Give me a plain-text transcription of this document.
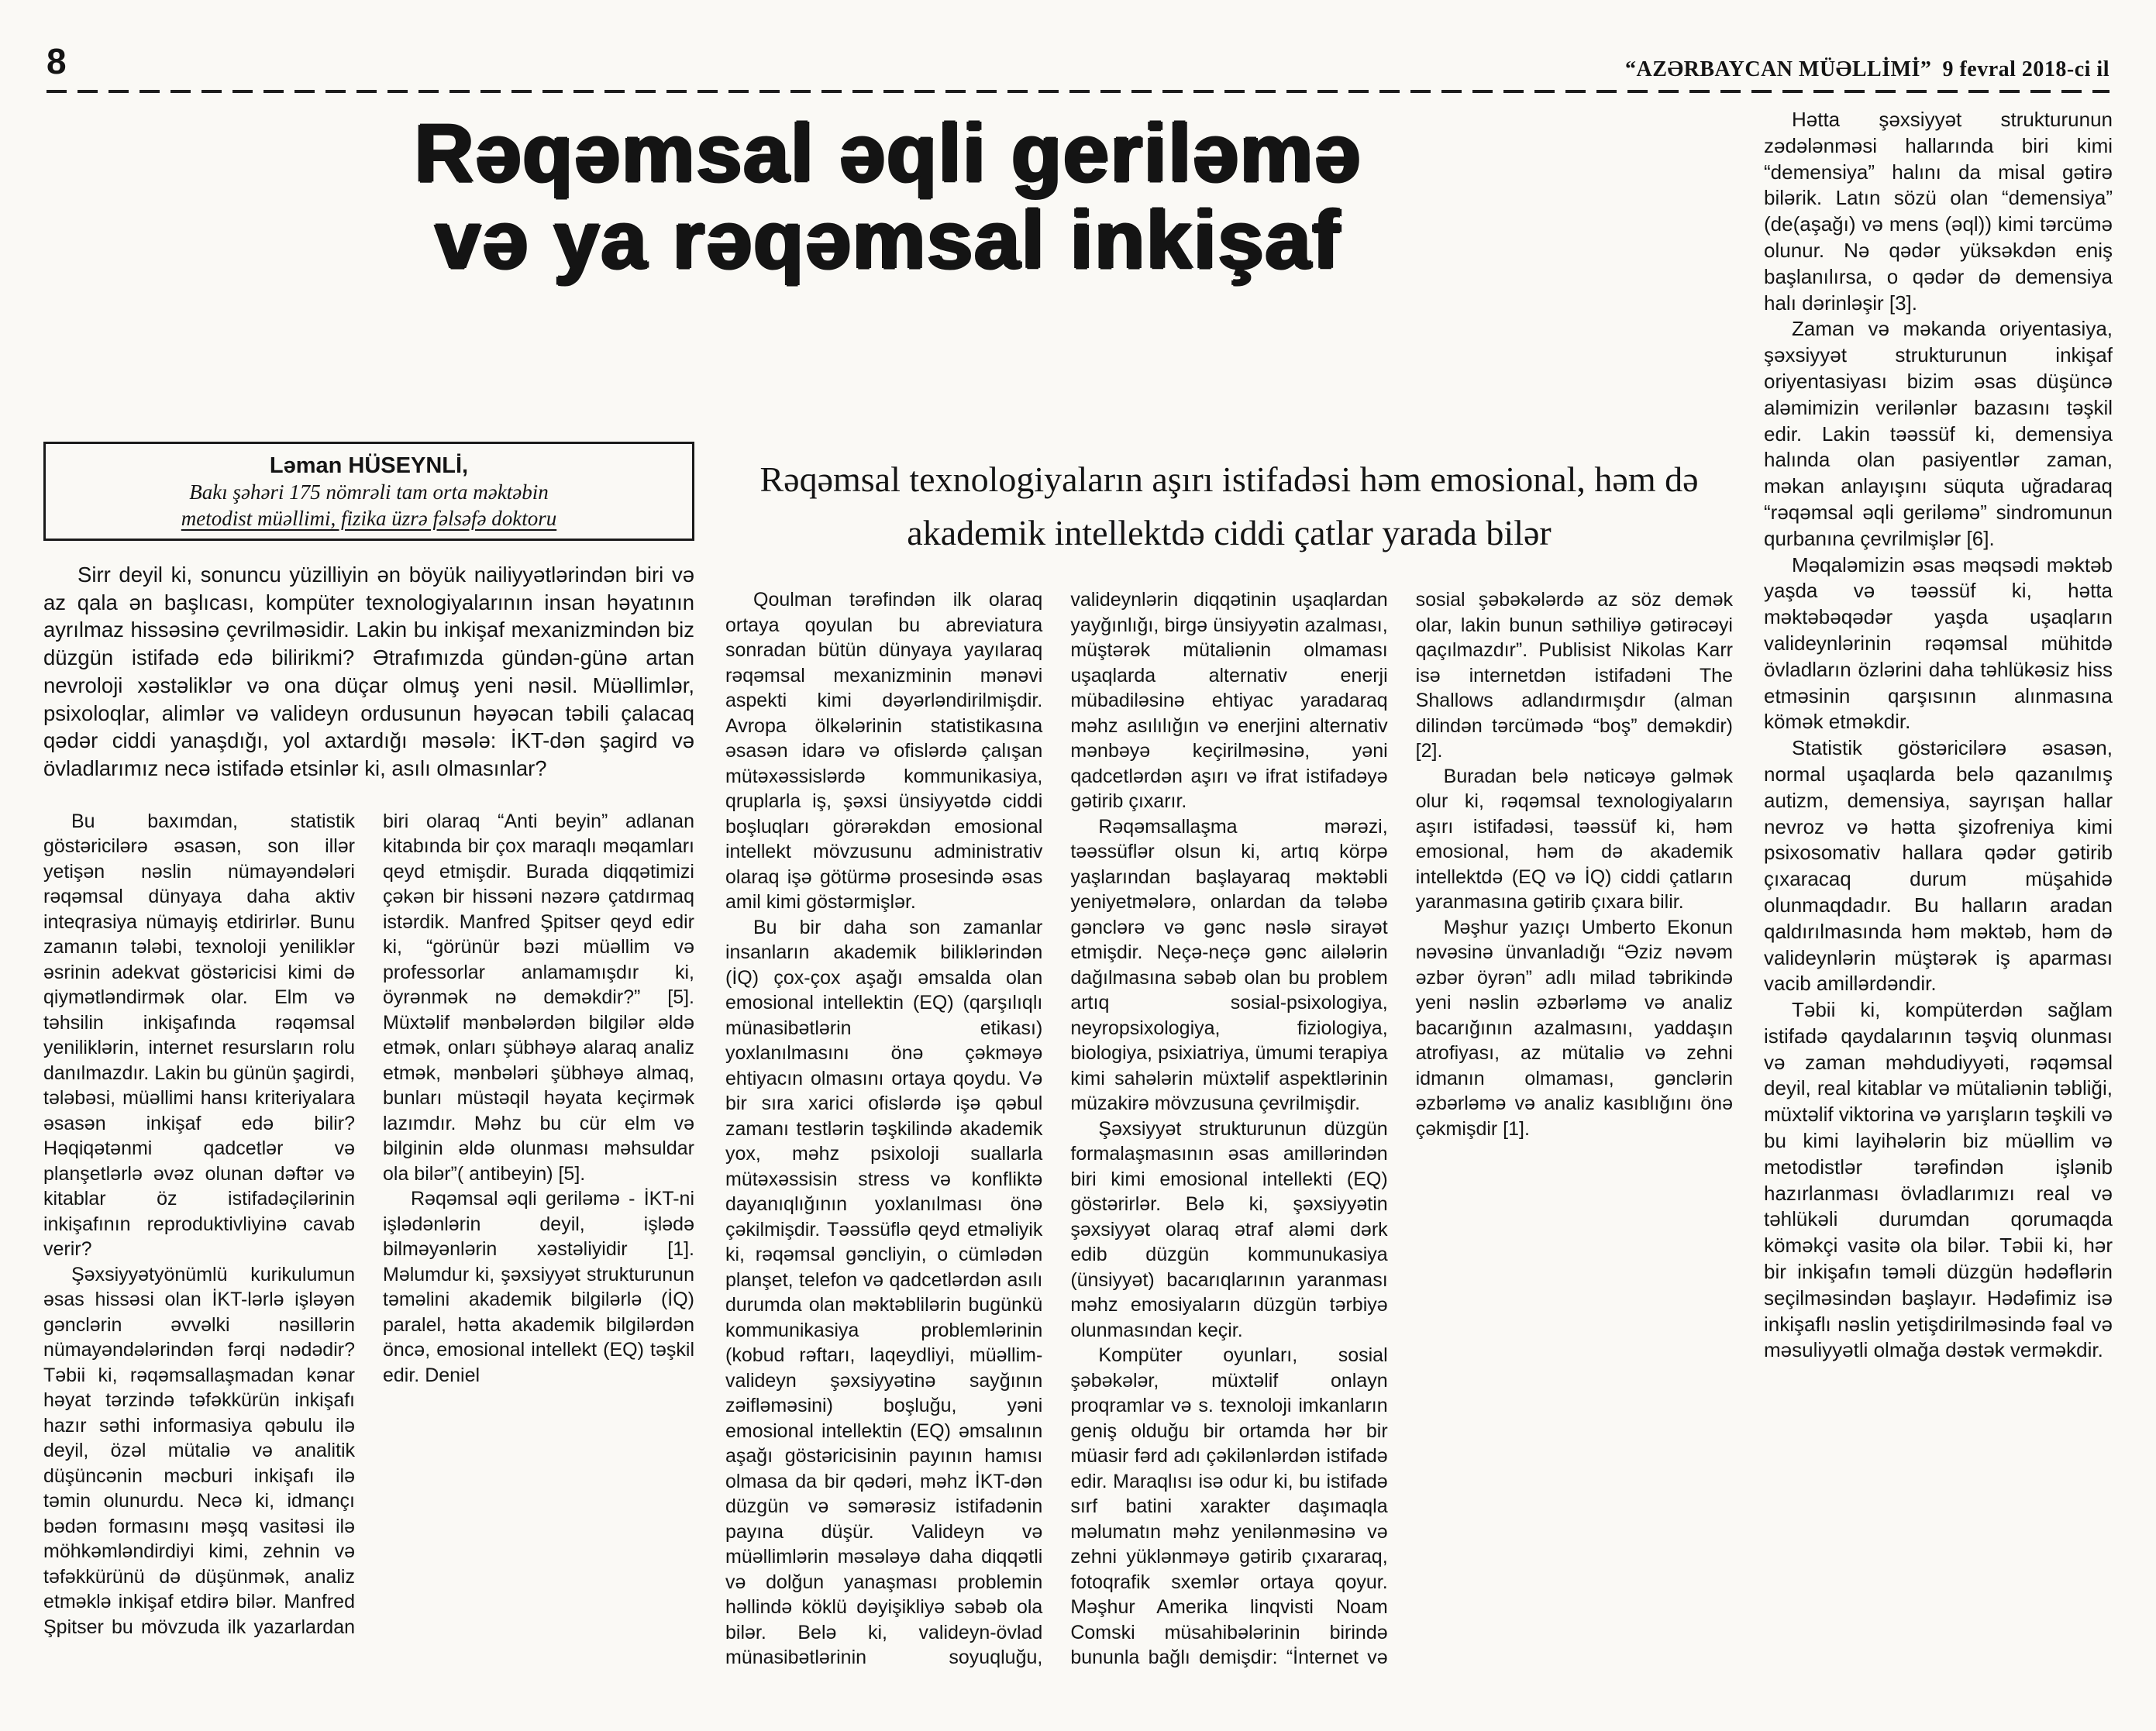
8	“AZƏRBAYCAN MÜƏLLİMİ” 9 fevral 2018-ci il
Rəqəmsal əqli geriləmə
və ya rəqəmsal inkişaf
Ləman HÜSEYNLİ,
Bakı şəhəri 175 nömrəli tam orta məktəbin
metodist müəllimi, fizika üzrə fəlsəfə doktoru

Sirr deyil ki, sonuncu yüzilliyin ən böyük nailiyyətlərindən biri və az qala ən başlıcası, kompüter texnologiyalarının insan həyatının ayrılmaz hissəsinə çevrilməsidir. Lakin bu inkişaf mexanizmindən biz düzgün istifadə edə bilirikmi? Ətrafımızda gündən-günə artan nevroloji xəstəliklər və ona düçar olmuş yeni nəsil. Müəllimlər, psixoloqlar, alimlər və valideyn ordusunun həyəcan təbili çalacaq qədər ciddi yanaşdığı, yol axtardığı məsələ: İKT-dən şagird və övladlarımız necə istifadə etsinlər ki, asılı olmasınlar?

Bu baxımdan, statistik göstəricilərə əsasən, son illər yetişən nəslin nümayəndələri rəqəmsal dünyaya daha aktiv inteqrasiya nümayiş etdirirlər. Bunu zamanın tələbi, texnoloji yeniliklər əsrinin adekvat göstəricisi kimi də qiymətləndirmək olar. Elm və təhsilin inkişafında rəqəmsal yeniliklərin, internet resursların rolu danılmazdır. Lakin bu günün şagirdi, tələbəsi, müəllimi hansı kriteriyalara əsasən inkişaf edə bilir? Həqiqətənmi qadcetlər və planşetlərlə əvəz olunan dəftər və kitablar öz istifadəçilərinin inkişafının reproduktivliyinə cavab verir?

Şəxsiyyətyönümlü kurikulumun əsas hissəsi olan İKT-lərlə işləyən gənclərin əvvəlki nəsillərin nümayəndələrindən fərqi nədədir? Təbii ki, rəqəmsallaşmadan kənar həyat tərzində təfəkkürün inkişafı hazır səthi informasiya qəbulu ilə deyil, özəl mütaliə və analitik düşüncənin məcburi inkişafı ilə təmin olunurdu. Necə ki, idmançı bədən formasını məşq vasitəsi ilə möhkəmləndirdiyi kimi, zehnin və təfəkkürünü də düşünmək, analiz etməklə inkişaf etdirə bilər. Manfred Şpitser bu mövzuda ilk yazarlardan biri olaraq “Anti beyin” adlanan kitabında bir çox maraqlı məqamları qeyd etmişdir. Burada diqqətimizi çəkən bir hissəni nəzərə çatdırmaq istərdik. Manfred Şpitser qeyd edir ki, “görünür bəzi müəllim və professorlar anlamamışdır ki, öyrənmək nə deməkdir?” [5]. Müxtəlif mənbələrdən bilgilər əldə etmək, onları şübhəyə alaraq analiz etmək, mənbələri şübhəyə almaq, bunları müstəqil həyata keçirmək lazımdır. Məhz bu cür elm və bilginin əldə olunması məhsuldar ola bilər”( antibeyin) [5].

Rəqəmsal əqli geriləmə - İKT-ni işlədənlərin deyil, işlədə bilməyənlərin xəstəliyidir [1]. Məlumdur ki, şəxsiyyət strukturunun təməlini akademik bilgilərlə (İQ) paralel, hətta akademik bilgilərdən öncə, emosional intellekt (EQ) təşkil edir. Deniel

Rəqəmsal texnologiyaların aşırı istifadəsi həm emosional, həm də akademik intellektdə ciddi çatlar yarada bilər

Qoulman tərəfindən ilk olaraq ortaya qoyulan bu abreviatura sonradan bütün dünyaya yayılaraq rəqəmsal mexanizminin mənəvi aspekti kimi dəyərləndirilmişdir. Avropa ölkələrinin statistikasına əsasən idarə və ofislərdə çalışan mütəxəssislərdə kommunikasiya, qruplarla iş, şəxsi ünsiyyətdə ciddi boşluqları görərəkdən emosional intellekt mövzusunu administrativ olaraq işə götürmə prosesində əsas amil kimi göstərmişlər.

Bu bir daha son zamanlar insanların akademik biliklərindən (İQ) çox-çox aşağı əmsalda olan emosional intellektin (EQ) (qarşılıqlı münasibətlərin etikası) yoxlanılmasını önə çəkməyə ehtiyacın olmasını ortaya qoydu. Və bir sıra xarici ofislərdə işə qəbul zamanı testlərin təşkilində akademik yox, məhz psixoloji suallarla mütəxəssisin stress və konfliktə dayanıqlığının yoxlanılması önə çəkilmişdir. Təəssüflə qeyd etməliyik ki, rəqəmsal gəncliyin, o cümlədən planşet, telefon və qadcetlərdən asılı durumda olan məktəblilərin bugünkü kommunikasiya problemlərinin (kobud rəftarı, laqeydliyi, müəllim-valideyn şəxsiyyətinə sayğının zəifləməsini) boşluğu, yəni emosional intellektin (EQ) əmsalının aşağı göstəricisinin payının hamısı olmasa da bir qədəri, məhz İKT-dən düzgün və səmərəsiz istifadənin payına düşür. Valideyn və müəllimlərin məsələyə daha diqqətli və dolğun yanaşması problemin həllində köklü dəyişikliyə səbəb ola bilər. Belə ki, valideyn-övlad münasibətlərinin soyuqluğu, valideynlərin diqqətinin uşaqlardan yayğınlığı, birgə ünsiyyətin azalması, müştərək mütaliənin olmaması uşaqlarda alternativ enerji mübadiləsinə ehtiyac yaradaraq məhz asılılığın və enerjini alternativ mənbəyə keçirilməsinə, yəni qadcetlərdən aşırı və ifrat istifadəyə gətirib çıxarır.

Rəqəmsallaşma mərəzi, təəssüflər olsun ki, artıq körpə yaşlarından başlayaraq məktəbli yeniyetmələrə, onlardan da tələbə gənclərə və gənc nəslə sirayət etmişdir. Neçə-neçə gənc ailələrin dağılmasına səbəb olan bu problem artıq sosial-psixologiya, neyropsixologiya, fiziologiya, biologiya, psixiatriya, ümumi terapiya kimi sahələrin müxtəlif aspektlərinin müzakirə mövzusuna çevrilmişdir.

Şəxsiyyət strukturunun düzgün formalaşmasının əsas amillərindən biri kimi emosional intellekti (EQ) göstərirlər. Belə ki, şəxsiyyətin şəxsiyyət olaraq ətraf aləmi dərk edib düzgün kommunukasiya (ünsiyyət) bacarıqlarının yaranması məhz emosiyaların düzgün tərbiyə olunmasından keçir.

Kompüter oyunları, sosial şəbəkələr, müxtəlif onlayn proqramlar və s. texnoloji imkanların geniş olduğu bir ortamda hər bir müasir fərd adı çəkilənlərdən istifadə edir. Maraqlısı isə odur ki, bu istifadə sırf batini xarakter daşımaqla məlumatın məhz yenilənməsinə və zehni yüklənməyə gətirib çıxararaq, fotoqrafik sxemlər ortaya qoyur. Məşhur Amerika linqvisti Noam Comski müsahibələrinin birində bununla bağlı demişdir: “İnternet və sosial şəbəkələrdə az söz demək olar, lakin bunun səthiliyə gətirəcəyi qaçılmazdır”. Publisist Nikolas Karr isə internetdən istifadəni The Shallows adlandırmışdır (alman dilindən tərcümədə “boş” deməkdir) [2].

Buradan belə nəticəyə gəlmək olur ki, rəqəmsal texnologiyaların aşırı istifadəsi, təəssüf ki, həm emosional, həm də akademik intellektdə (EQ və İQ) ciddi çatların yaranmasına gətirib çıxara bilir.

Məşhur yazıçı Umberto Ekonun nəvəsinə ünvanladığı “Əziz nəvəm əzbər öyrən” adlı milad təbrikində yeni nəslin əzbərləmə və analiz bacarığının azalmasını, yaddaşın atrofiyası, az mütaliə və zehni idmanın olmaması, gənclərin əzbərləmə və analiz kasıblığını önə çəkmişdir [1].

Hətta şəxsiyyət strukturunun zədələnməsi hallarında biri kimi “demensiya” halını da misal gətirə bilərik. Latın sözü olan “demensiya” (de(aşağı) və mens (əql)) kimi tərcümə olunur. Nə qədər yüksəkdən eniş başlanılırsa, o qədər də demensiya halı dərinləşir [3].

Zaman və məkanda oriyentasiya, şəxsiyyət strukturunun inkişaf oriyentasiyası bizim əsas düşüncə aləmimizin verilənlər bazasını təşkil edir. Lakin təəssüf ki, demensiya halında olan pasiyentlər zaman, məkan anlayışını süquta uğradaraq “rəqəmsal əqli geriləmə” sindromunun qurbanına çevrilmişlər [6].

Məqaləmizin əsas məqsədi məktəb yaşda və təəssüf ki, hətta məktəbəqədər yaşda uşaqların valideynlərinin rəqəmsal mühitdə övladların özlərini daha təhlükəsiz hiss etməsinin qarşısının alınmasına kömək etməkdir.

Statistik göstəricilərə əsasən, normal uşaqlarda belə qazanılmış autizm, demensiya, sayrışan hallar nevroz və hətta şizofreniya kimi psixosomativ hallara qədər gətirib çıxaracaq durum müşahidə olunmaqdadır. Bu halların aradan qaldırılmasında həm məktəb, həm də valideynlərin müştərək iş aparması vacib amillərdəndir.

Təbii ki, kompüterdən sağlam istifadə qaydalarının təşviq olunması və zaman məhdudiyyəti, rəqəmsal deyil, real kitablar və mütaliənin təbliği, müxtəlif viktorina və yarışların təşkili və bu kimi layihələrin biz müəllim və metodistlər tərəfindən işlənib hazırlanması övladlarımızı real və təhlükəli durumdan qorumaqda köməkçi vasitə ola bilər. Təbii ki, hər bir inkişafın təməli düzgün hədəflərin seçilməsindən başlayır. Hədəfimiz isə inkişaflı nəslin yetişdirilməsində fəal və məsuliyyətli olmağa dəstək verməkdir.
